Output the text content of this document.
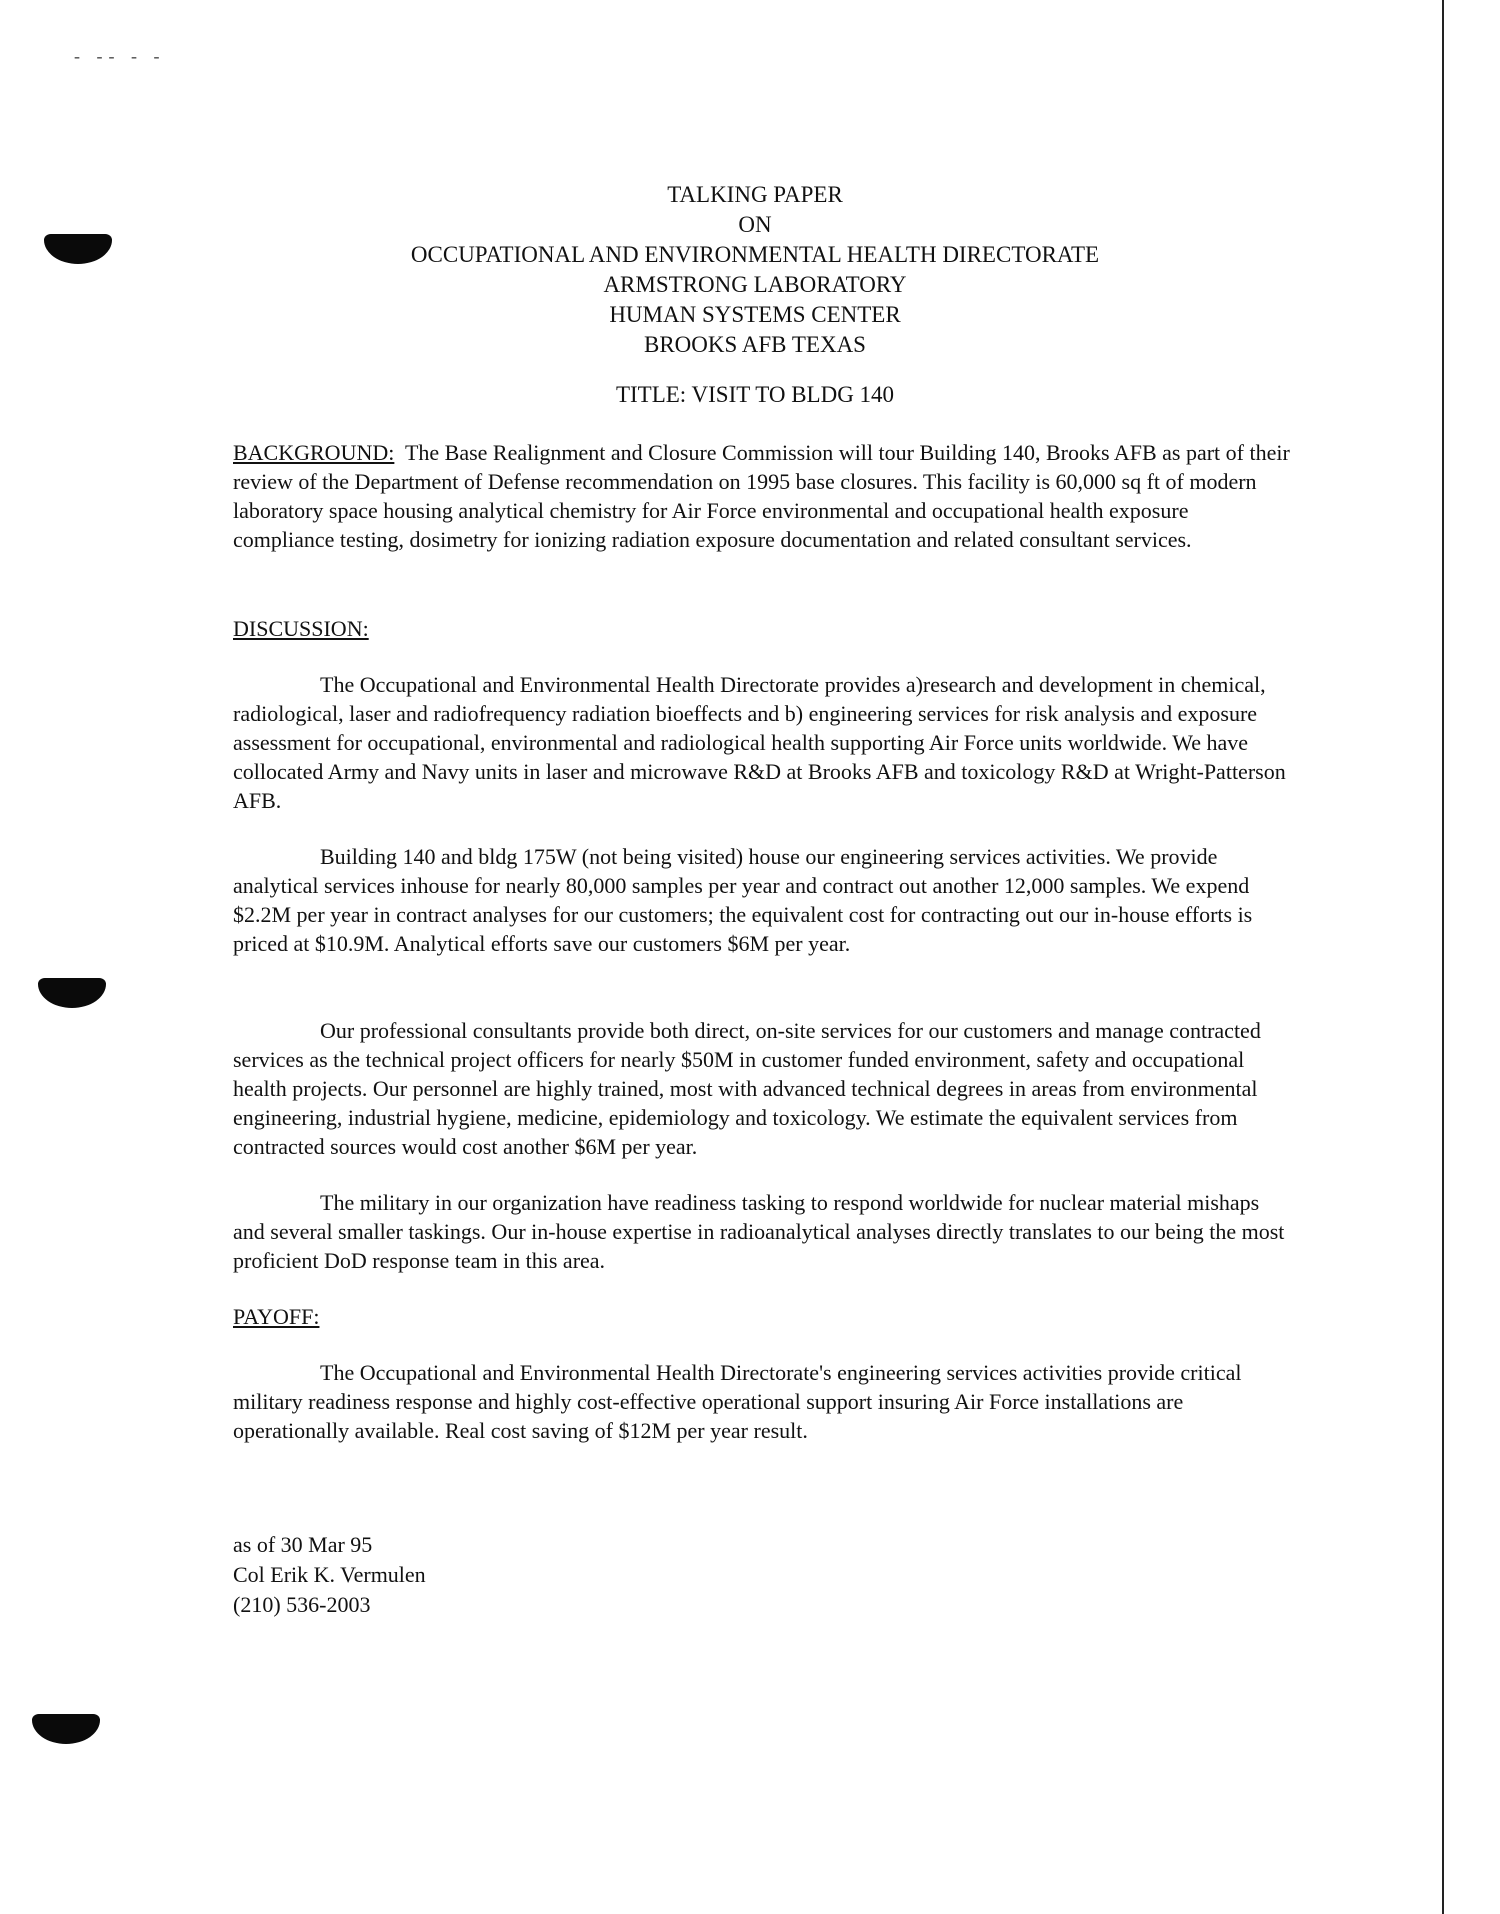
- ‑‐ - -
TALKING PAPER
ON
OCCUPATIONAL AND ENVIRONMENTAL HEALTH DIRECTORATE
ARMSTRONG LABORATORY
HUMAN SYSTEMS CENTER
BROOKS AFB TEXAS
TITLE: VISIT TO BLDG 140
BACKGROUND: The Base Realignment and Closure Commission will tour Building 140, Brooks AFB as part of their review of the Department of Defense recommendation on 1995 base closures. This facility is 60,000 sq ft of modern laboratory space housing analytical chemistry for Air Force environmental and occupational health exposure compliance testing, dosimetry for ionizing radiation exposure documentation and related consultant services.
DISCUSSION:

The Occupational and Environmental Health Directorate provides a)research and development in chemical, radiological, laser and radiofrequency radiation bioeffects and b) engineering services for risk analysis and exposure assessment for occupational, environmental and radiological health supporting Air Force units worldwide. We have collocated Army and Navy units in laser and microwave R&D at Brooks AFB and toxicology R&D at Wright-Patterson AFB.

Building 140 and bldg 175W (not being visited) house our engineering services activities. We provide analytical services inhouse for nearly 80,000 samples per year and contract out another 12,000 samples. We expend $2.2M per year in contract analyses for our customers; the equivalent cost for contracting out our in-house efforts is priced at $10.9M. Analytical efforts save our customers $6M per year.

Our professional consultants provide both direct, on-site services for our customers and manage contracted services as the technical project officers for nearly $50M in customer funded environment, safety and occupational health projects. Our personnel are highly trained, most with advanced technical degrees in areas from environmental engineering, industrial hygiene, medicine, epidemiology and toxicology. We estimate the equivalent services from contracted sources would cost another $6M per year.

The military in our organization have readiness tasking to respond worldwide for nuclear material mishaps and several smaller taskings. Our in-house expertise in radioanalytical analyses directly translates to our being the most proficient DoD response team in this area.

PAYOFF:

The Occupational and Environmental Health Directorate's engineering services activities provide critical military readiness response and highly cost-effective operational support insuring Air Force installations are operationally available. Real cost saving of $12M per year result.

as of 30 Mar 95
Col Erik K. Vermulen
(210) 536-2003
